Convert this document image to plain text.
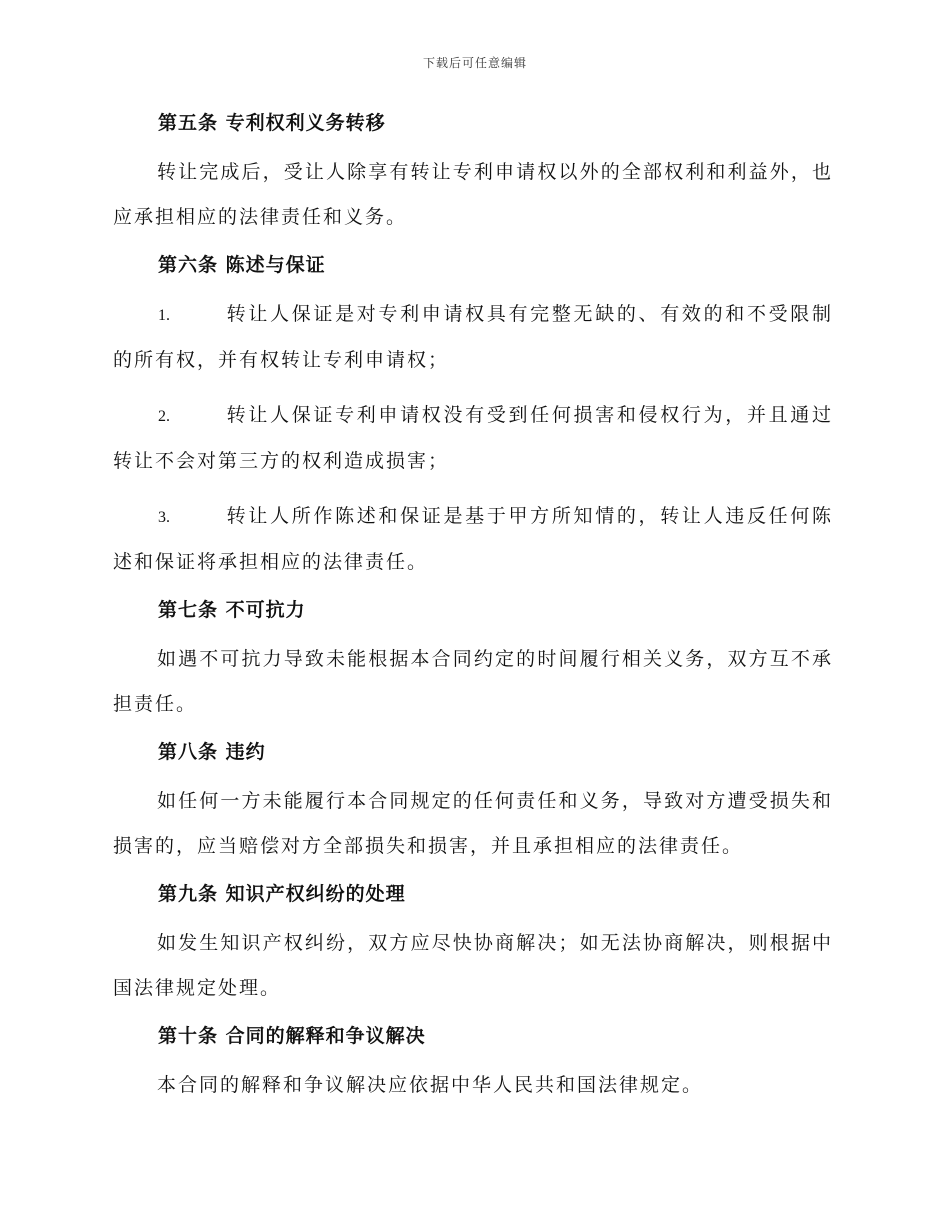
下载后可任意编辑
第五条 专利权利义务转移

转让完成后，受让人除享有转让专利申请权以外的全部权利和利益外，也应承担相应的法律责任和义务。

第六条 陈述与保证

1.	转让人保证是对专利申请权具有完整无缺的、有效的和不受限制的所有权，并有权转让专利申请权；

2.	转让人保证专利申请权没有受到任何损害和侵权行为，并且通过转让不会对第三方的权利造成损害；

3.	转让人所作陈述和保证是基于甲方所知情的，转让人违反任何陈述和保证将承担相应的法律责任。

第七条 不可抗力

如遇不可抗力导致未能根据本合同约定的时间履行相关义务，双方互不承担责任。

第八条 违约

如任何一方未能履行本合同规定的任何责任和义务，导致对方遭受损失和损害的，应当赔偿对方全部损失和损害，并且承担相应的法律责任。

第九条 知识产权纠纷的处理

如发生知识产权纠纷，双方应尽快协商解决；如无法协商解决，则根据中国法律规定处理。

第十条 合同的解释和争议解决

本合同的解释和争议解决应依据中华人民共和国法律规定。
